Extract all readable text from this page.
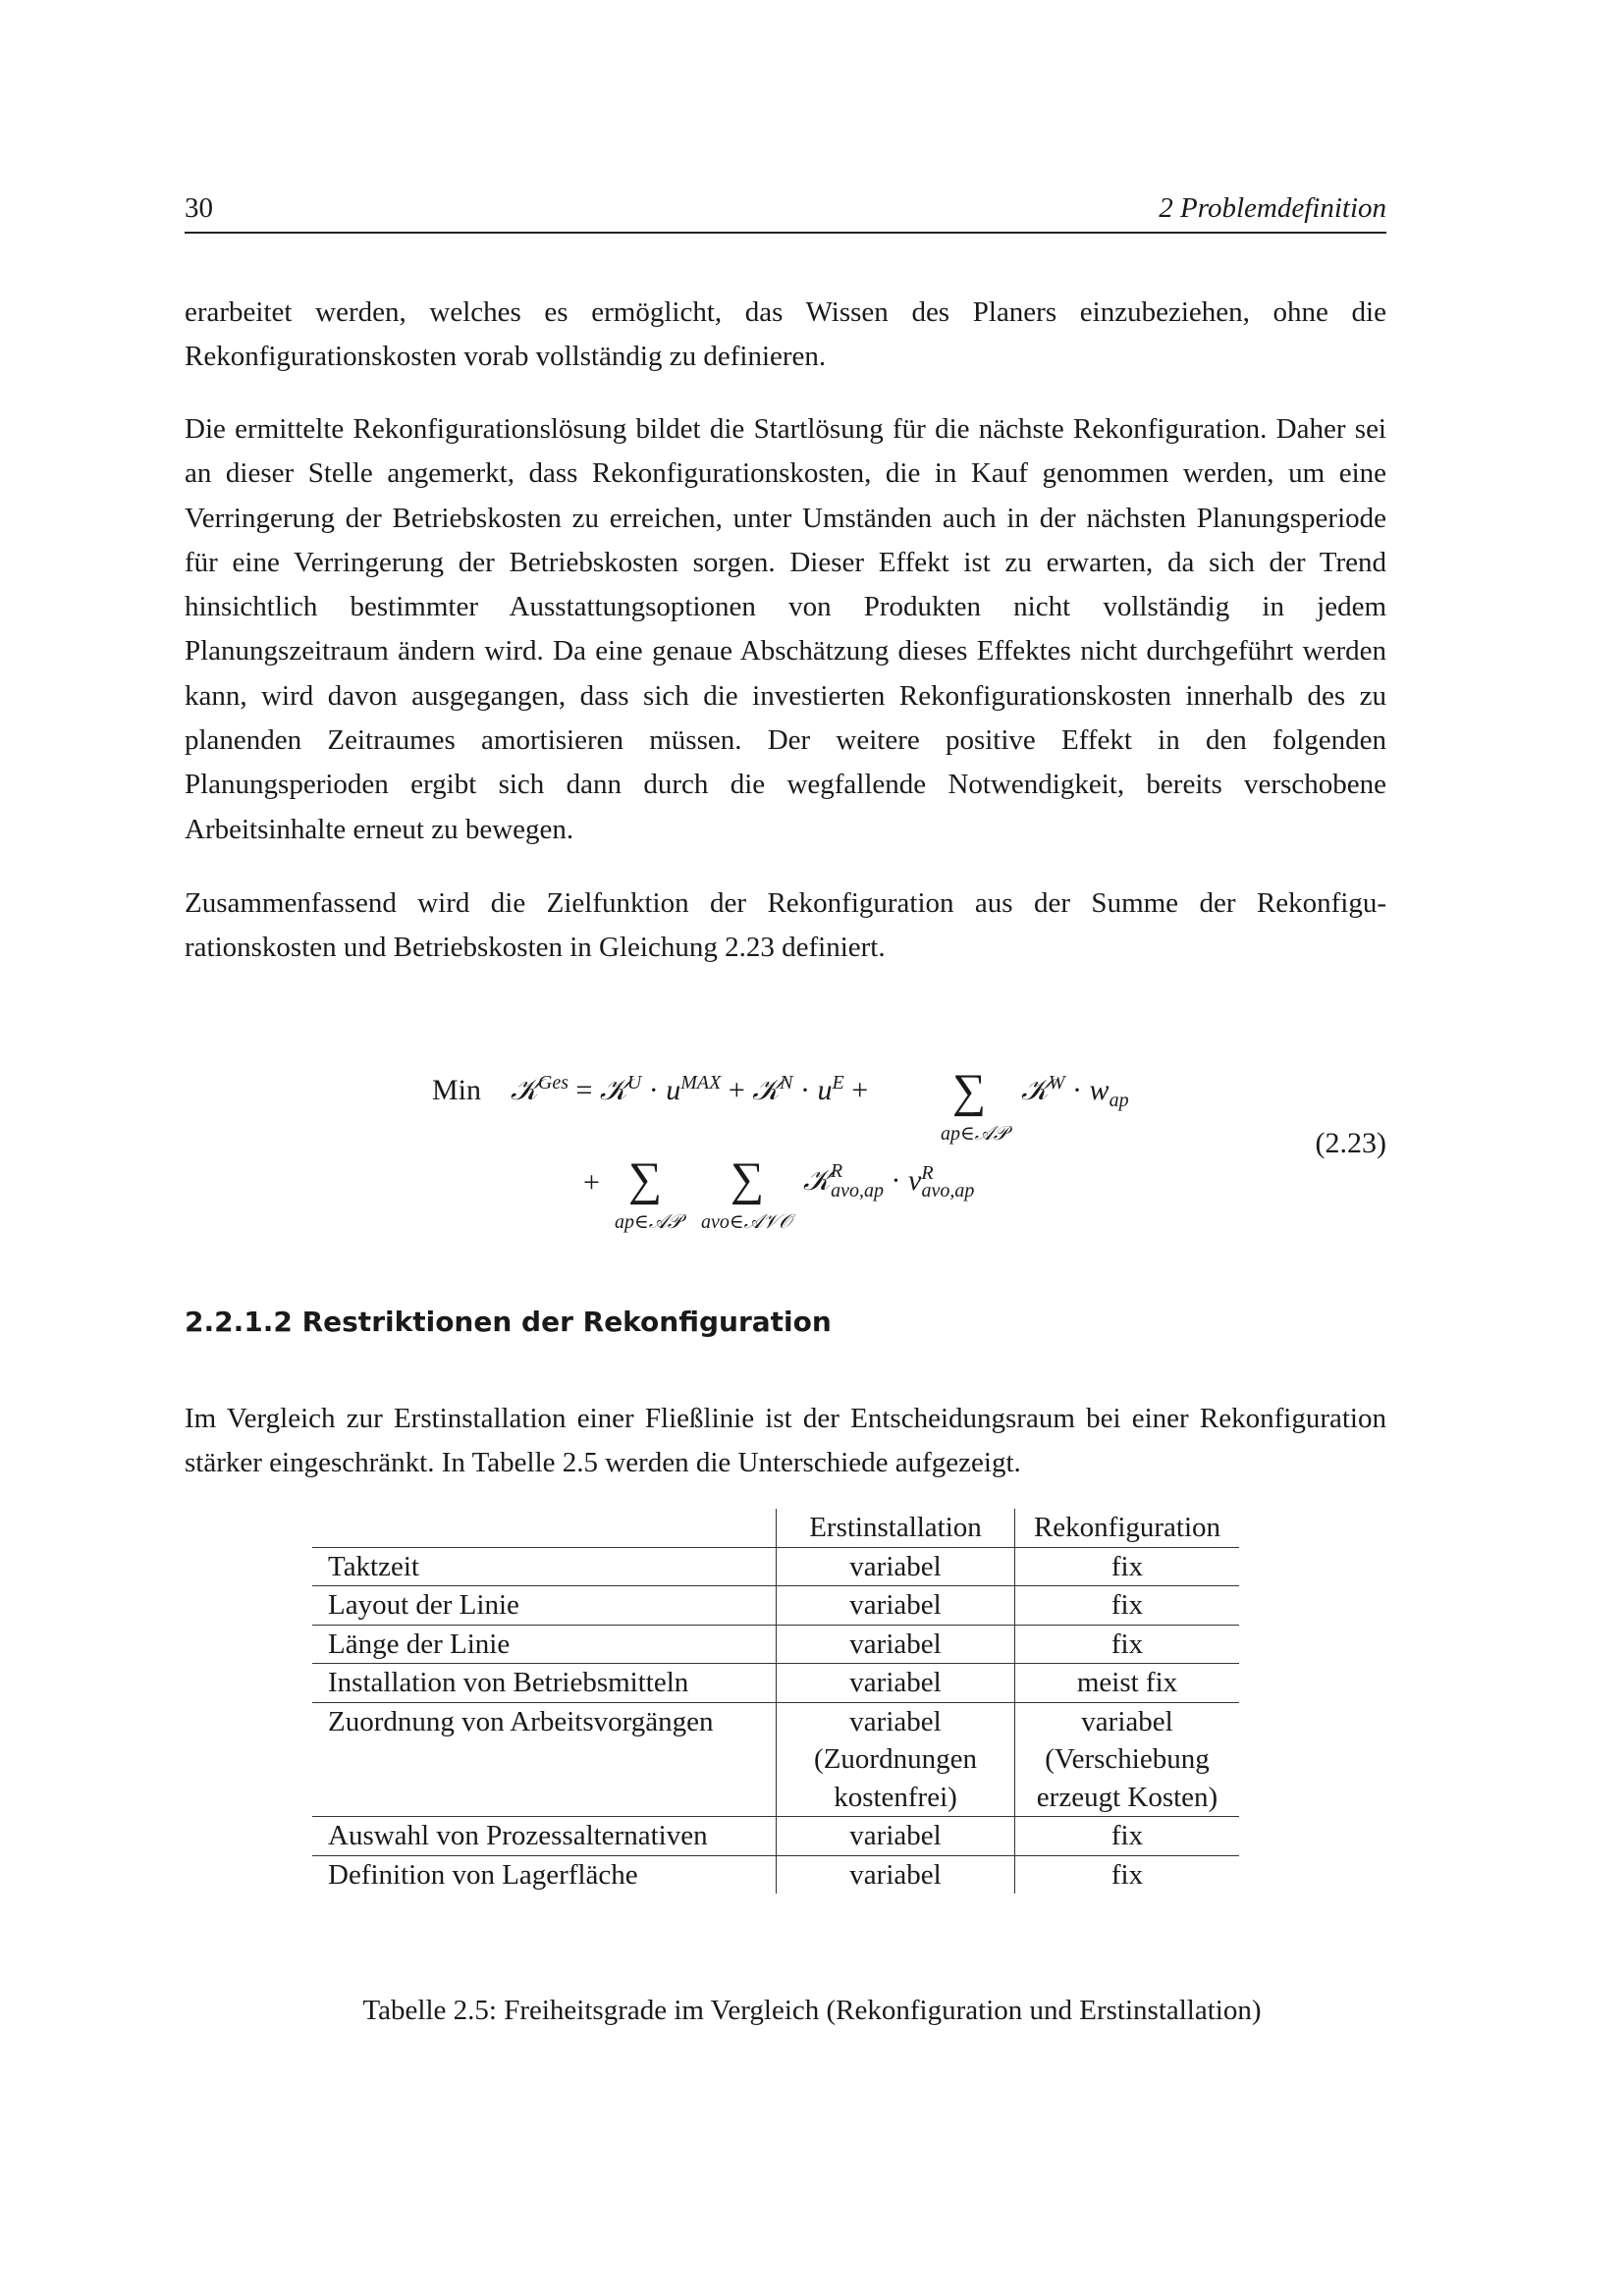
30	2 Problemdefinition

erarbeitet werden, welches es ermöglicht, das Wissen des Planers einzubeziehen, ohne die Rekonfigurationskosten vorab vollständig zu definieren.

Die ermittelte Rekonfigurationslösung bildet die Startlösung für die nächste Rekonfiguration. Daher sei an dieser Stelle angemerkt, dass Rekonfigurationskosten, die in Kauf genommen werden, um eine Verringerung der Betriebskosten zu erreichen, unter Umständen auch in der nächsten Planungsperiode für eine Verringerung der Betriebskosten sorgen. Dieser Effekt ist zu erwarten, da sich der Trend hinsichtlich bestimmter Ausstattungsoptionen von Produkten nicht vollständig in jedem Planungszeitraum ändern wird. Da eine genaue Abschätzung dieses Effektes nicht durchgeführt werden kann, wird davon ausgegangen, dass sich die investierten Rekonfigurationskosten innerhalb des zu planenden Zeitraumes amortisieren müssen. Der weitere positive Effekt in den folgenden Planungsperioden ergibt sich dann durch die wegfallende Notwendigkeit, bereits verschobene Arbeitsinhalte erneut zu bewegen.

Zusammenfassend wird die Zielfunktion der Rekonfiguration aus der Summe der Rekonfigurationskosten und Betriebskosten in Gleichung 2.23 definiert.

Min 𝒦$^{Ges}$ = 𝒦$^U$ · $u^{MAX}$ + 𝒦$^N$ · $u^E$ + ∑
ap∈𝒜𝒫
𝒦$^W$ · $w_{ap}$
+ ∑
ap∈𝒜𝒫
∑
avo∈𝒜𝒱𝒪
𝒦$^R_{avo,ap}$ · $v^R_{avo,ap}$
(2.23)
2.2.1.2 Restriktionen der Rekonfiguration

Im Vergleich zur Erstinstallation einer Fließlinie ist der Entscheidungsraum bei einer Rekonfiguration stärker eingeschränkt. In Tabelle 2.5 werden die Unterschiede aufgezeigt.

	Erstinstallation	Rekonfiguration
Taktzeit	variabel	fix
Layout der Linie	variabel	fix
Länge der Linie	variabel	fix
Installation von Betriebsmitteln	variabel	meist fix
Zuordnung von Arbeitsvorgängen	variabel (Zuordnungen kostenfrei)	variabel (Verschiebung erzeugt Kosten)
Auswahl von Prozessalternativen	variabel	fix
Definition von Lagerfläche	variabel	fix
Tabelle 2.5: Freiheitsgrade im Vergleich (Rekonfiguration und Erstinstallation)
